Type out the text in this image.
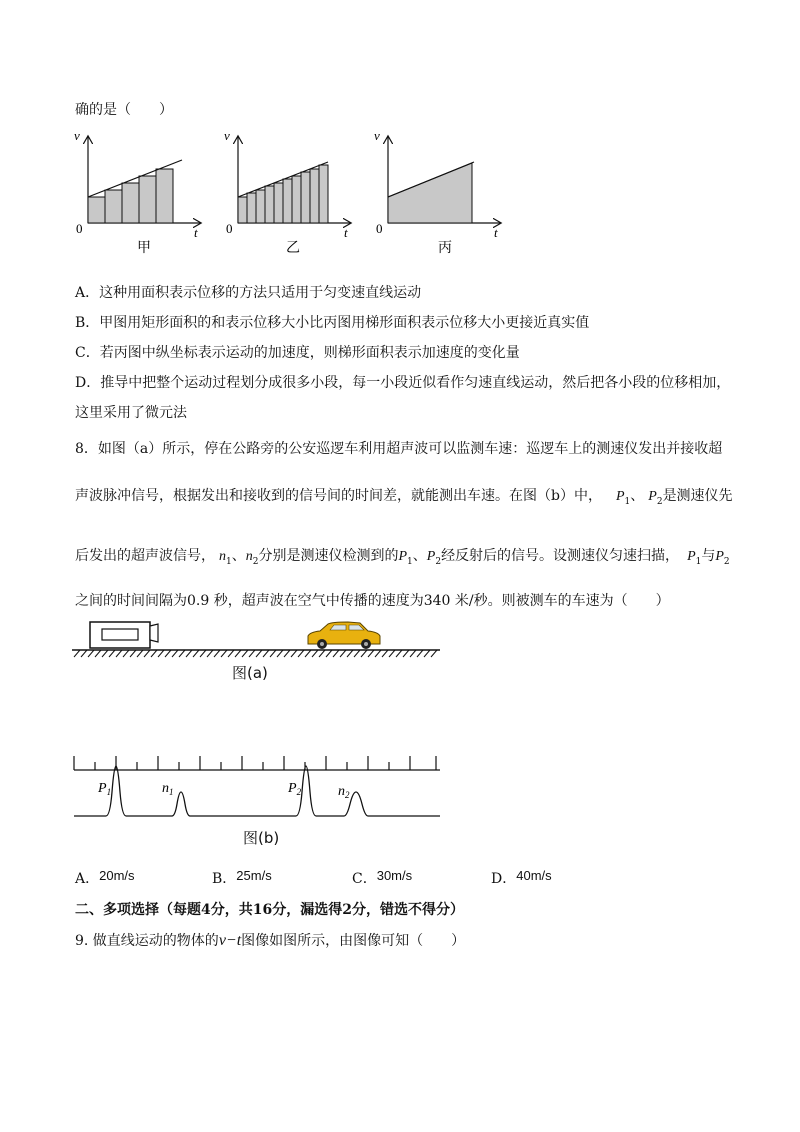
确的是（　　）
v
t
0
甲
v
t
0
乙
v
t
0
丙
A．这种用面积表示位移的方法只适用于匀变速直线运动
B．甲图用矩形面积的和表示位移大小比丙图用梯形面积表示位移大小更接近真实值
C．若丙图中纵坐标表示运动的加速度，则梯形面积表示加速度的变化量
D．推导中把整个运动过程划分成很多小段，每一小段近似看作匀速直线运动，然后把各小段的位移相加，
这里采用了微元法
8．如图（a）所示，停在公路旁的公安巡逻车利用超声波可以监测车速：巡逻车上的测速仪发出并接收超
声波脉冲信号，根据发出和接收到的信号间的时间差，就能测出车速。在图（b）中， $P_1$、 $P_2$是测速仪先
后发出的超声波信号， $n_1$、$n_2$分别是测速仪检测到的$P_1$、$P_2$经反射后的信号。设测速仪匀速扫描， $P_1$与$P_2$
之间的时间间隔为0.9 秒，超声波在空气中传播的速度为340 米/秒。则被测车的车速为（　　）
图(a)
$P_1$	$n_1$	$P_2$	$n_2$
图(b)
A．20m/s	B．25m/s	C．30m/s	D．40m/s
二、多项选择（每题4分，共16分，漏选得2分，错选不得分）
9. 做直线运动的物体的v−t图像如图所示，由图像可知（　　）
